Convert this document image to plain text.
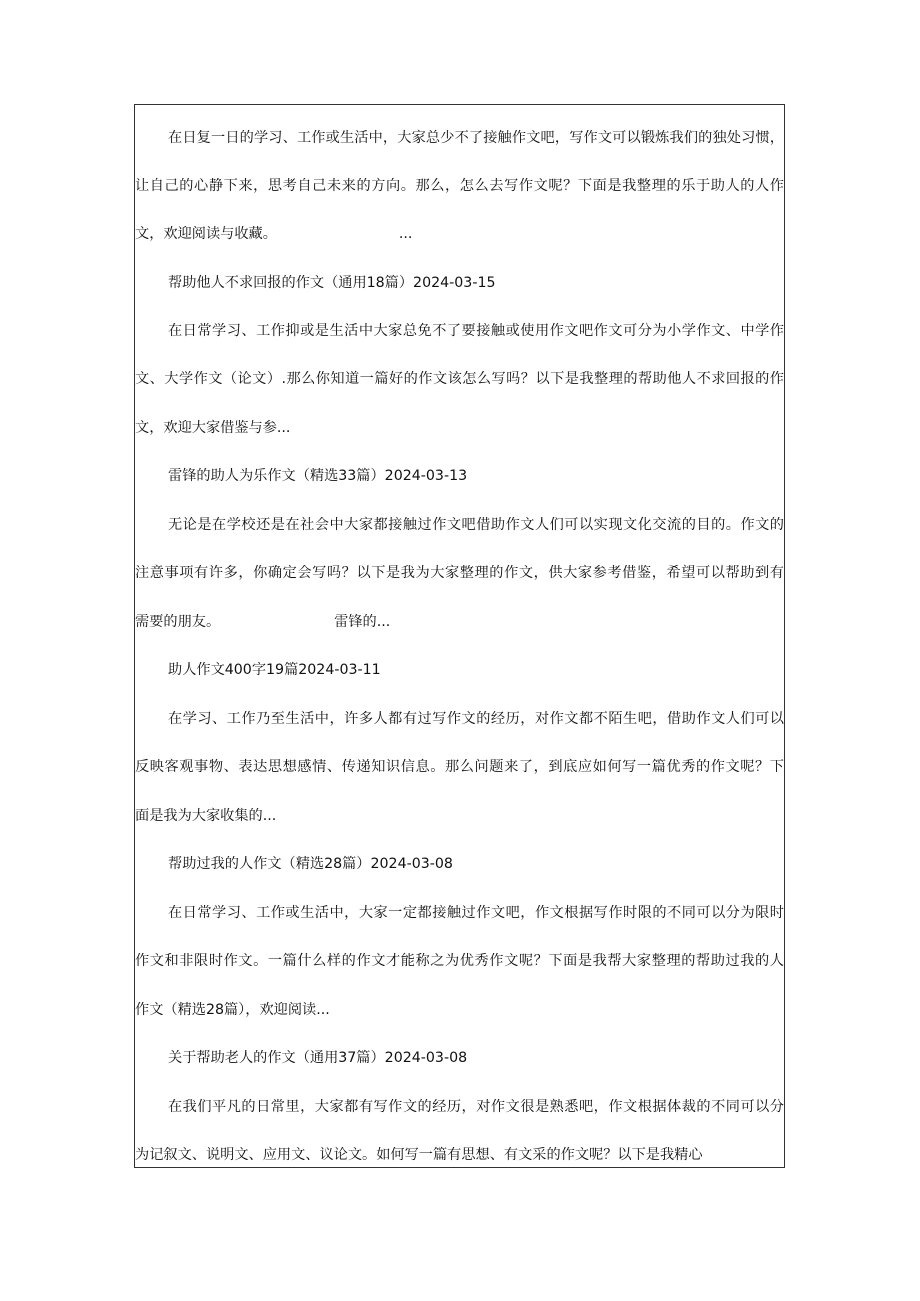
在日复一日的学习、工作或生活中，大家总少不了接触作文吧，写作文可以锻炼我们的独处习惯，
让自己的心静下来，思考自己未来的方向。那么，怎么去写作文呢？下面是我整理的乐于助人的人作
文，欢迎阅读与收藏。	...
帮助他人不求回报的作文（通用18篇）2024-03-15
在日常学习、工作抑或是生活中大家总免不了要接触或使用作文吧作文可分为小学作文、中学作
文、大学作文（论文）.那么你知道一篇好的作文该怎么写吗？以下是我整理的帮助他人不求回报的作
文，欢迎大家借鉴与参...
雷锋的助人为乐作文（精选33篇）2024-03-13
无论是在学校还是在社会中大家都接触过作文吧借助作文人们可以实现文化交流的目的。作文的
注意事项有许多，你确定会写吗？以下是我为大家整理的作文，供大家参考借鉴，希望可以帮助到有
需要的朋友。	雷锋的...
助人作文400字19篇2024-03-11
在学习、工作乃至生活中，许多人都有过写作文的经历，对作文都不陌生吧，借助作文人们可以
反映客观事物、表达思想感情、传递知识信息。那么问题来了，到底应如何写一篇优秀的作文呢？下
面是我为大家收集的...
帮助过我的人作文（精选28篇）2024-03-08
在日常学习、工作或生活中，大家一定都接触过作文吧，作文根据写作时限的不同可以分为限时
作文和非限时作文。一篇什么样的作文才能称之为优秀作文呢？下面是我帮大家整理的帮助过我的人
作文（精选28篇），欢迎阅读...
关于帮助老人的作文（通用37篇）2024-03-08
在我们平凡的日常里，大家都有写作文的经历，对作文很是熟悉吧，作文根据体裁的不同可以分
为记叙文、说明文、应用文、议论文。如何写一篇有思想、有文采的作文呢？以下是我精心
